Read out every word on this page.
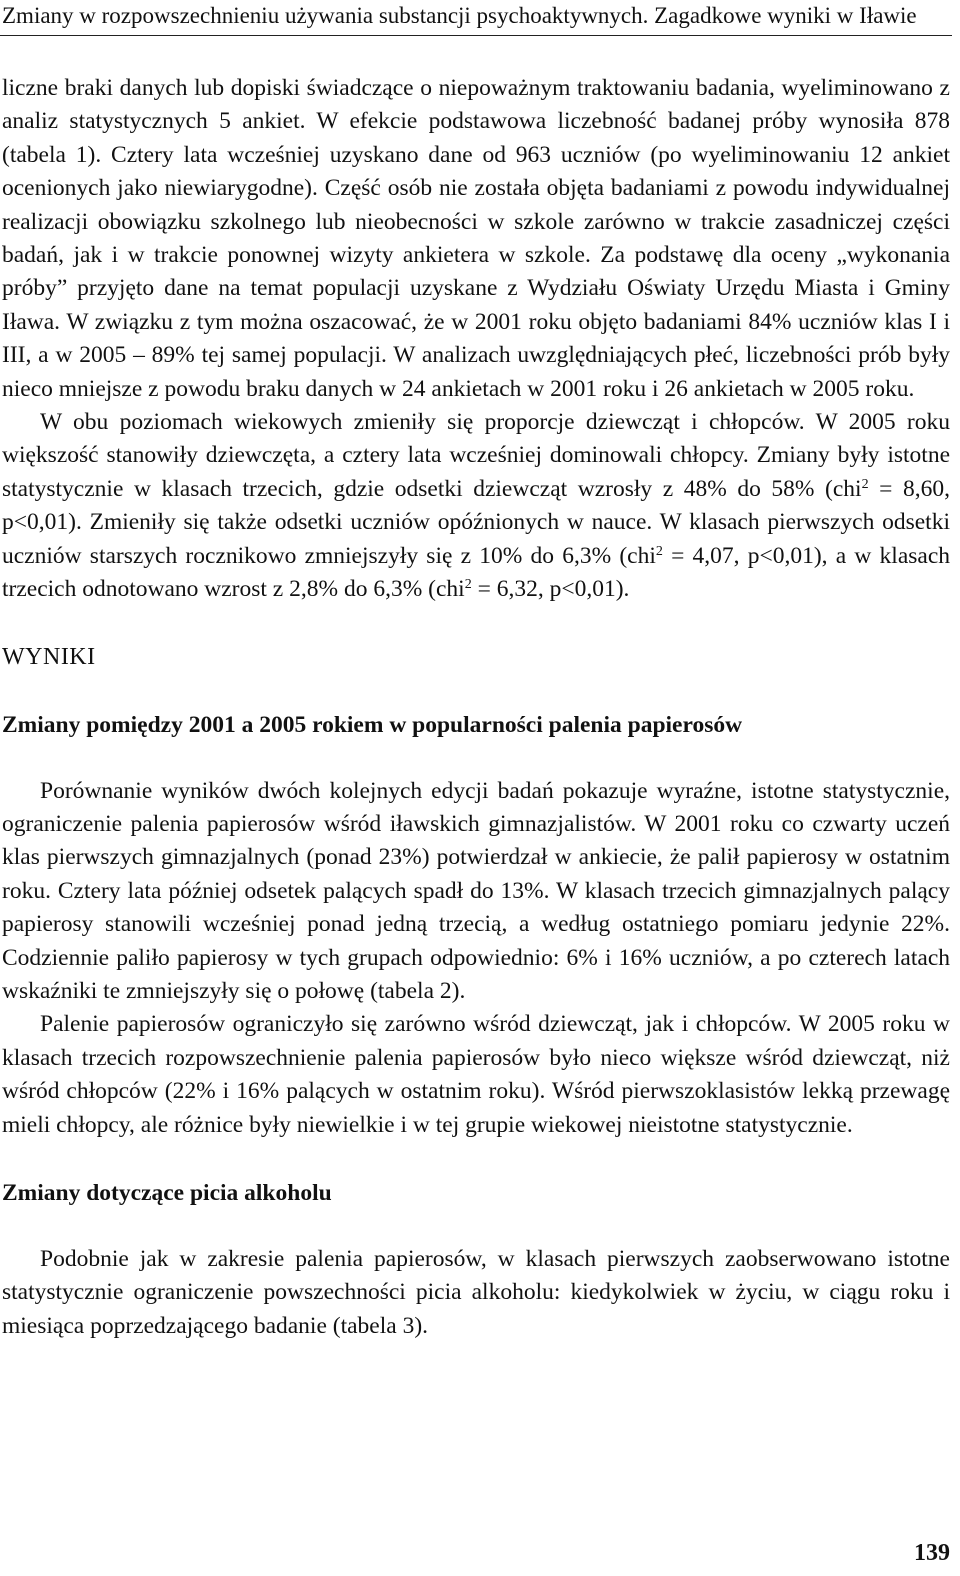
Zmiany w rozpowszechnieniu używania substancji psychoaktywnych. Zagadkowe wyniki w Iławie

liczne braki danych lub dopiski świadczące o niepoważnym traktowaniu badania, wyeliminowano z analiz statystycznych 5 ankiet. W efekcie podstawowa liczebność badanej próby wynosiła 878 (tabela 1). Cztery lata wcześniej uzyskano dane od 963 uczniów (po wyeliminowaniu 12 ankiet ocenionych jako niewiarygodne). Część osób nie została objęta badaniami z powodu indywidualnej realizacji obowiązku szkolnego lub nieobecności w szkole zarówno w trakcie zasadniczej części badań, jak i w trakcie ponownej wizyty ankietera w szkole. Za podstawę dla oceny „wykonania próby” przyjęto dane na temat populacji uzyskane z Wydziału Oświaty Urzędu Miasta i Gminy Iława. W związku z tym można oszacować, że w 2001 roku objęto badaniami 84% uczniów klas I i III, a w 2005 – 89% tej samej populacji. W analizach uwzględniających płeć, liczebności prób były nieco mniejsze z powodu braku danych w 24 ankietach w 2001 roku i 26 ankietach w 2005 roku.

W obu poziomach wiekowych zmieniły się proporcje dziewcząt i chłopców. W 2005 roku większość stanowiły dziewczęta, a cztery lata wcześniej dominowali chłopcy. Zmiany były istotne statystycznie w klasach trzecich, gdzie odsetki dziewcząt wzrosły z 48% do 58% (chi$^2$ = 8,60, p<0,01). Zmieniły się także odsetki uczniów opóźnionych w nauce. W klasach pierwszych odsetki uczniów starszych rocznikowo zmniejszyły się z 10% do 6,3% (chi$^2$ = 4,07, p<0,01), a w klasach trzecich odnotowano wzrost z 2,8% do 6,3% (chi$^2$ = 6,32, p<0,01).

WYNIKI
Zmiany pomiędzy 2001 a 2005 rokiem w popularności palenia papierosów

Porównanie wyników dwóch kolejnych edycji badań pokazuje wyraźne, istotne statystycznie, ograniczenie palenia papierosów wśród iławskich gimnazjalistów. W 2001 roku co czwarty uczeń klas pierwszych gimnazjalnych (ponad 23%) potwierdzał w ankiecie, że palił papierosy w ostatnim roku. Cztery lata później odsetek palących spadł do 13%. W klasach trzecich gimnazjalnych palący papierosy stanowili wcześniej ponad jedną trzecią, a według ostatniego pomiaru jedynie 22%. Codziennie paliło papierosy w tych grupach odpowiednio: 6% i 16% uczniów, a po czterech latach wskaźniki te zmniejszyły się o połowę (tabela 2).

Palenie papierosów ograniczyło się zarówno wśród dziewcząt, jak i chłopców. W 2005 roku w klasach trzecich rozpowszechnienie palenia papierosów było nieco większe wśród dziewcząt, niż wśród chłopców (22% i 16% palących w ostatnim roku). Wśród pierwszoklasistów lekką przewagę mieli chłopcy, ale różnice były niewielkie i w tej grupie wiekowej nieistotne statystycznie.

Zmiany dotyczące picia alkoholu

Podobnie jak w zakresie palenia papierosów, w klasach pierwszych zaobserwowano istotne statystycznie ograniczenie powszechności picia alkoholu: kiedykolwiek w życiu, w ciągu roku i miesiąca poprzedzającego badanie (tabela 3).

139
